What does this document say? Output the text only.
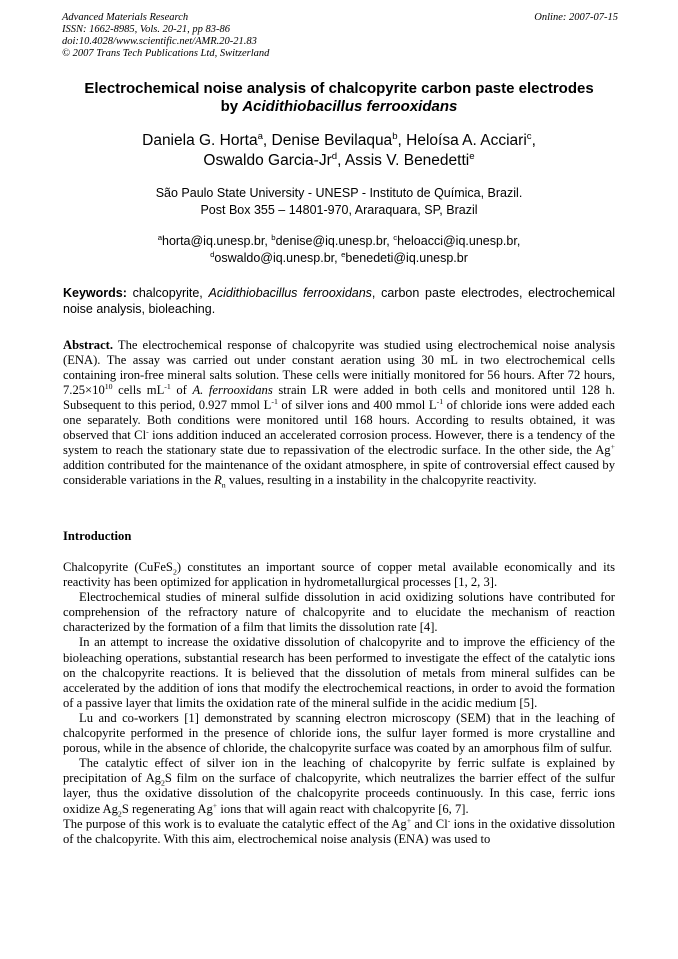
Advanced Materials Research
ISSN: 1662-8985, Vols. 20-21, pp 83-86
doi:10.4028/www.scientific.net/AMR.20-21.83
© 2007 Trans Tech Publications Ltd, Switzerland
Online: 2007-07-15
Electrochemical noise analysis of chalcopyrite carbon paste electrodes
by Acidithiobacillus ferrooxidans
Daniela G. Horta$^a$, Denise Bevilaqua$^b$, Heloísa A. Acciari$^c$,
Oswaldo Garcia-Jr$^d$, Assis V. Benedetti$^e$
São Paulo State University - UNESP - Instituto de Química, Brazil.
Post Box 355 – 14801-970, Araraquara, SP, Brazil
$^a$horta@iq.unesp.br, $^b$denise@iq.unesp.br, $^c$heloacci@iq.unesp.br,
$^d$oswaldo@iq.unesp.br, $^e$benedeti@iq.unesp.br
Keywords: chalcopyrite, Acidithiobacillus ferrooxidans, carbon paste electrodes, electrochemical noise analysis, bioleaching.
Abstract. The electrochemical response of chalcopyrite was studied using electrochemical noise analysis (ENA). The assay was carried out under constant aeration using 30 mL in two electrochemical cells containing iron-free mineral salts solution. These cells were initially monitored for 56 hours. After 72 hours, $7.25\times 10^{10}$ cells $mL^{-1}$ of A. ferrooxidans strain LR were added in both cells and monitored until 128 h. Subsequent to this period, 0.927 mmol $L^{-1}$ of silver ions and 400 mmol $L^{-1}$ of chloride ions were added each one separately. Both conditions were monitored until 168 hours. According to results obtained, it was observed that Cl- ions addition induced an accelerated corrosion process. However, there is a tendency of the system to reach the stationary state due to repassivation of the electrodic surface. In the other side, the Ag+ addition contributed for the maintenance of the oxidant atmosphere, in spite of controversial effect caused by considerable variations in the $R_n$ values, resulting in a instability in the chalcopyrite reactivity.
Introduction

Chalcopyrite (CuFeS$_2$) constitutes an important source of copper metal available economically and its reactivity has been optimized for application in hydrometallurgical processes [1, 2, 3].

Electrochemical studies of mineral sulfide dissolution in acid oxidizing solutions have contributed for comprehension of the refractory nature of chalcopyrite and to elucidate the mechanism of reaction characterized by the formation of a film that limits the dissolution rate [4].

In an attempt to increase the oxidative dissolution of chalcopyrite and to improve the efficiency of the bioleaching operations, substantial research has been performed to investigate the effect of the catalytic ions on the chalcopyrite reactions. It is believed that the dissolution of metals from mineral sulfides can be accelerated by the addition of ions that modify the electrochemical reactions, in order to avoid the formation of a passive layer that limits the oxidation rate of the mineral sulfide in the acidic medium [5].

Lu and co-workers [1] demonstrated by scanning electron microscopy (SEM) that in the leaching of chalcopyrite performed in the presence of chloride ions, the sulfur layer formed is more crystalline and porous, while in the absence of chloride, the chalcopyrite surface was coated by an amorphous film of sulfur.

The catalytic effect of silver ion in the leaching of chalcopyrite by ferric sulfate is explained by precipitation of $Ag_2S$ film on the surface of chalcopyrite, which neutralizes the barrier effect of the sulfur layer, thus the oxidative dissolution of the chalcopyrite proceeds continuously. In this case, ferric ions oxidize $Ag_2S$ regenerating Ag+ ions that will again react with chalcopyrite [6, 7].

The purpose of this work is to evaluate the catalytic effect of the Ag+ and Cl- ions in the oxidative dissolution of the chalcopyrite. With this aim, electrochemical noise analysis (ENA) was used to
